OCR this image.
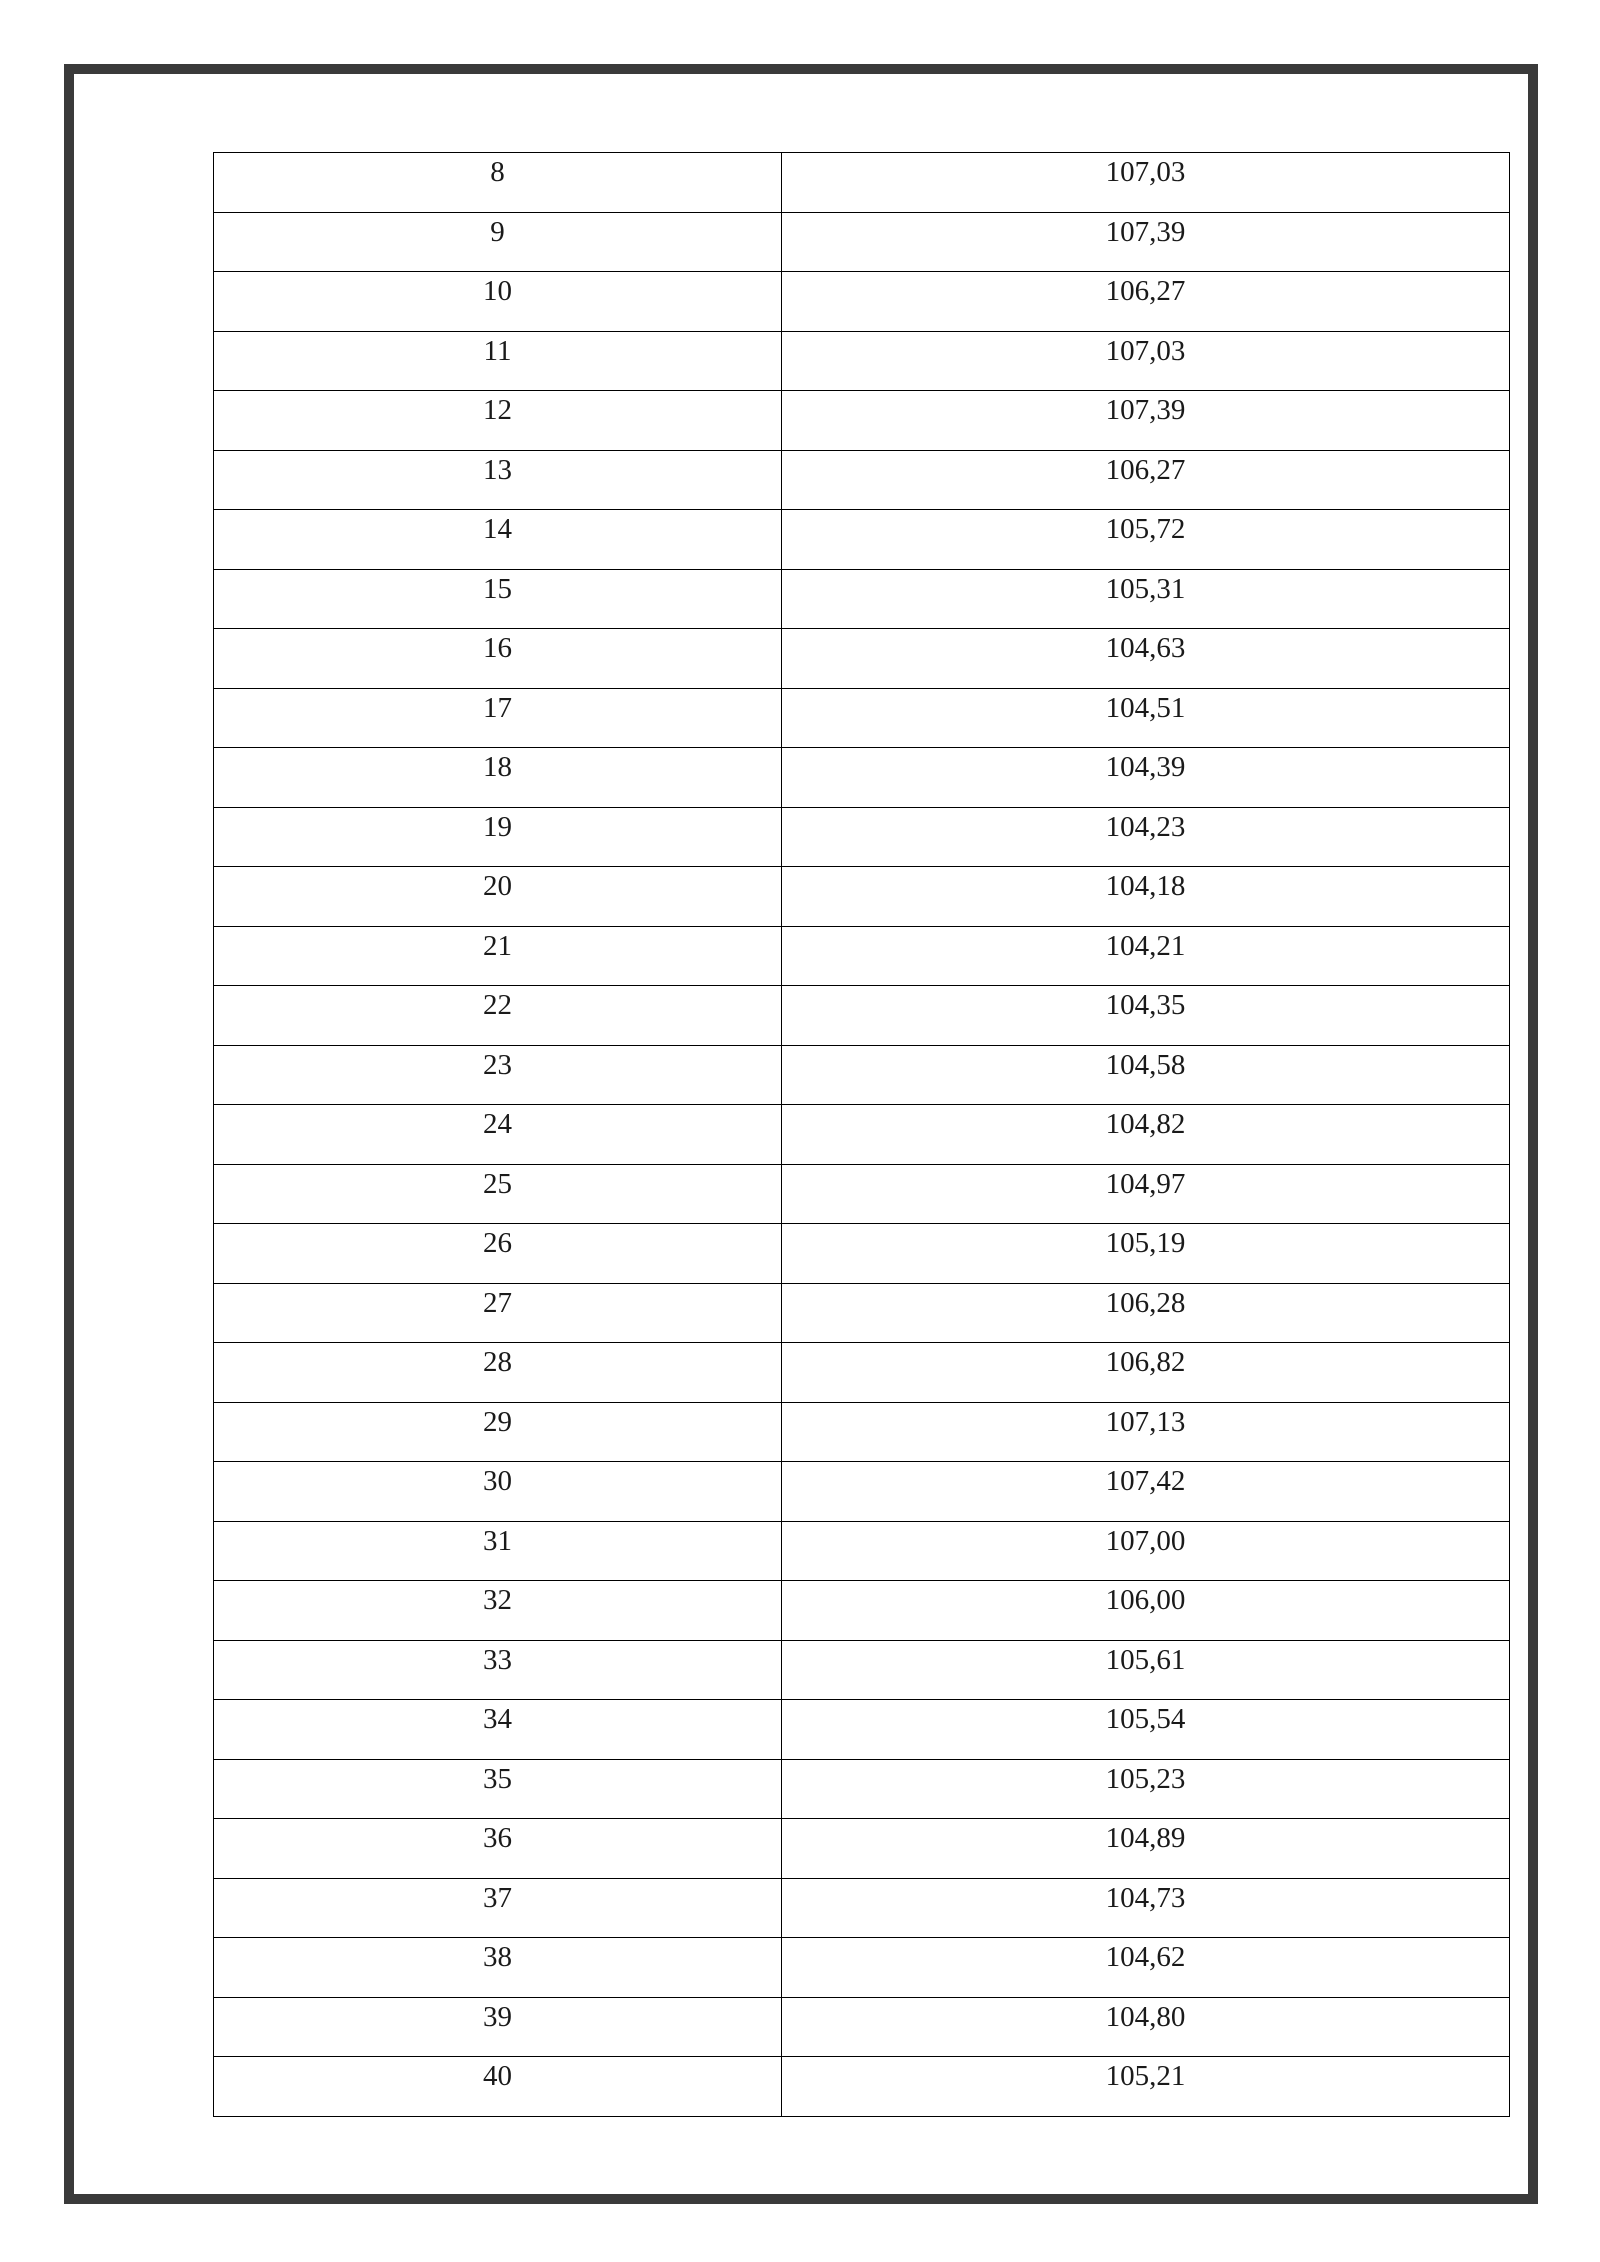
8	107,03
9	107,39
10	106,27
11	107,03
12	107,39
13	106,27
14	105,72
15	105,31
16	104,63
17	104,51
18	104,39
19	104,23
20	104,18
21	104,21
22	104,35
23	104,58
24	104,82
25	104,97
26	105,19
27	106,28
28	106,82
29	107,13
30	107,42
31	107,00
32	106,00
33	105,61
34	105,54
35	105,23
36	104,89
37	104,73
38	104,62
39	104,80
40	105,21
